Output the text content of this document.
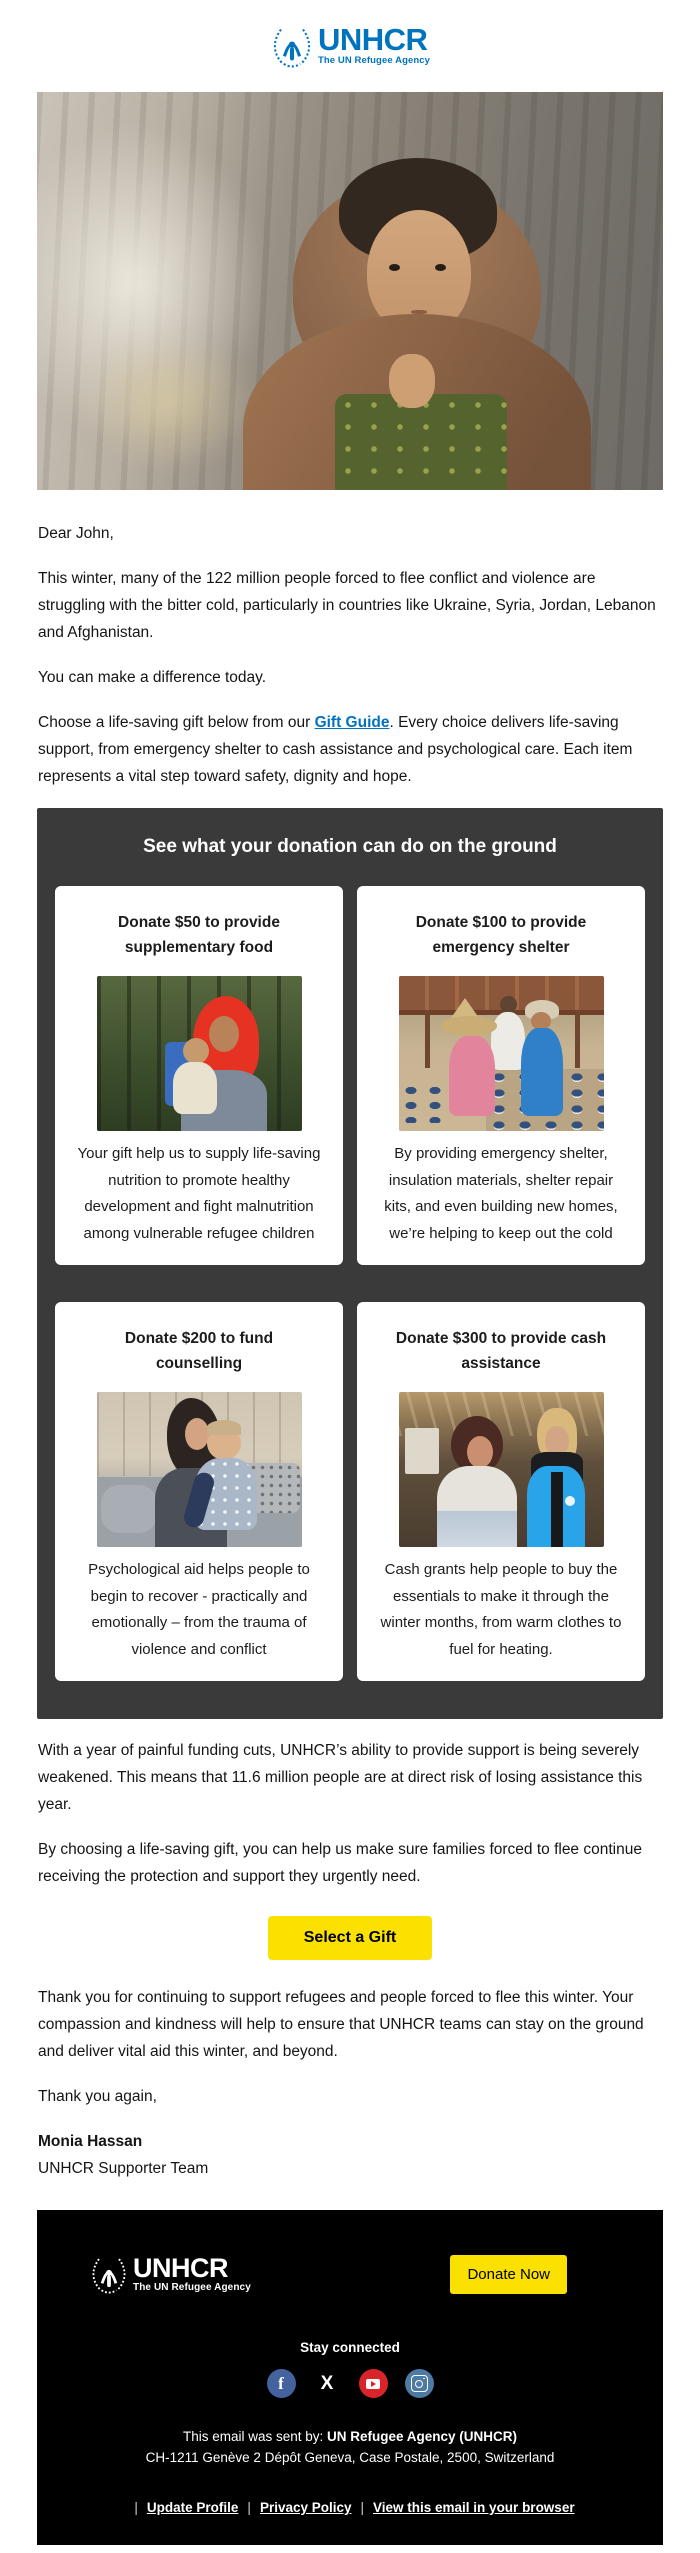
UNHCR
The UN Refugee Agency

Dear John,

This winter, many of the 122 million people forced to flee conflict and violence are struggling with the bitter cold, particularly in countries like Ukraine, Syria, Jordan, Lebanon and Afghanistan.

You can make a difference today.

Choose a life-saving gift below from our Gift Guide. Every choice delivers life-saving support, from emergency shelter to cash assistance and psychological care. Each item represents a vital step toward safety, dignity and hope.

See what your donation can do on the ground
Donate $50 to provide supplementary food

Your gift help us to supply life-saving nutrition to promote healthy development and fight malnutrition among vulnerable refugee children

Donate $100 to provide emergency shelter

By providing emergency shelter, insulation materials, shelter repair kits, and even building new homes, we’re helping to keep out the cold

Donate $200 to fund counselling

Psychological aid helps people to begin to recover - practically and emotionally – from the trauma of violence and conflict

Donate $300 to provide cash assistance

Cash grants help people to buy the essentials to make it through the winter months, from warm clothes to fuel for heating.

With a year of painful funding cuts, UNHCR’s ability to provide support is being severely weakened. This means that 11.6 million people are at direct risk of losing assistance this year.

By choosing a life-saving gift, you can help us make sure families forced to flee continue receiving the protection and support they urgently need.

Select a Gift

Thank you for continuing to support refugees and people forced to flee this winter. Your compassion and kindness will help to ensure that UNHCR teams can stay on the ground and deliver vital aid this winter, and beyond.

Thank you again,

Monia Hassan

UNHCR Supporter Team

UNHCR
The UN Refugee Agency
Donate Now
Stay connected
f	X
This email was sent by: UN Refugee Agency (UNHCR)
CH-1211 Genève 2 Dépôt Geneva, Case Postale, 2500, Switzerland
| Update Profile | Privacy Policy | View this email in your browser
